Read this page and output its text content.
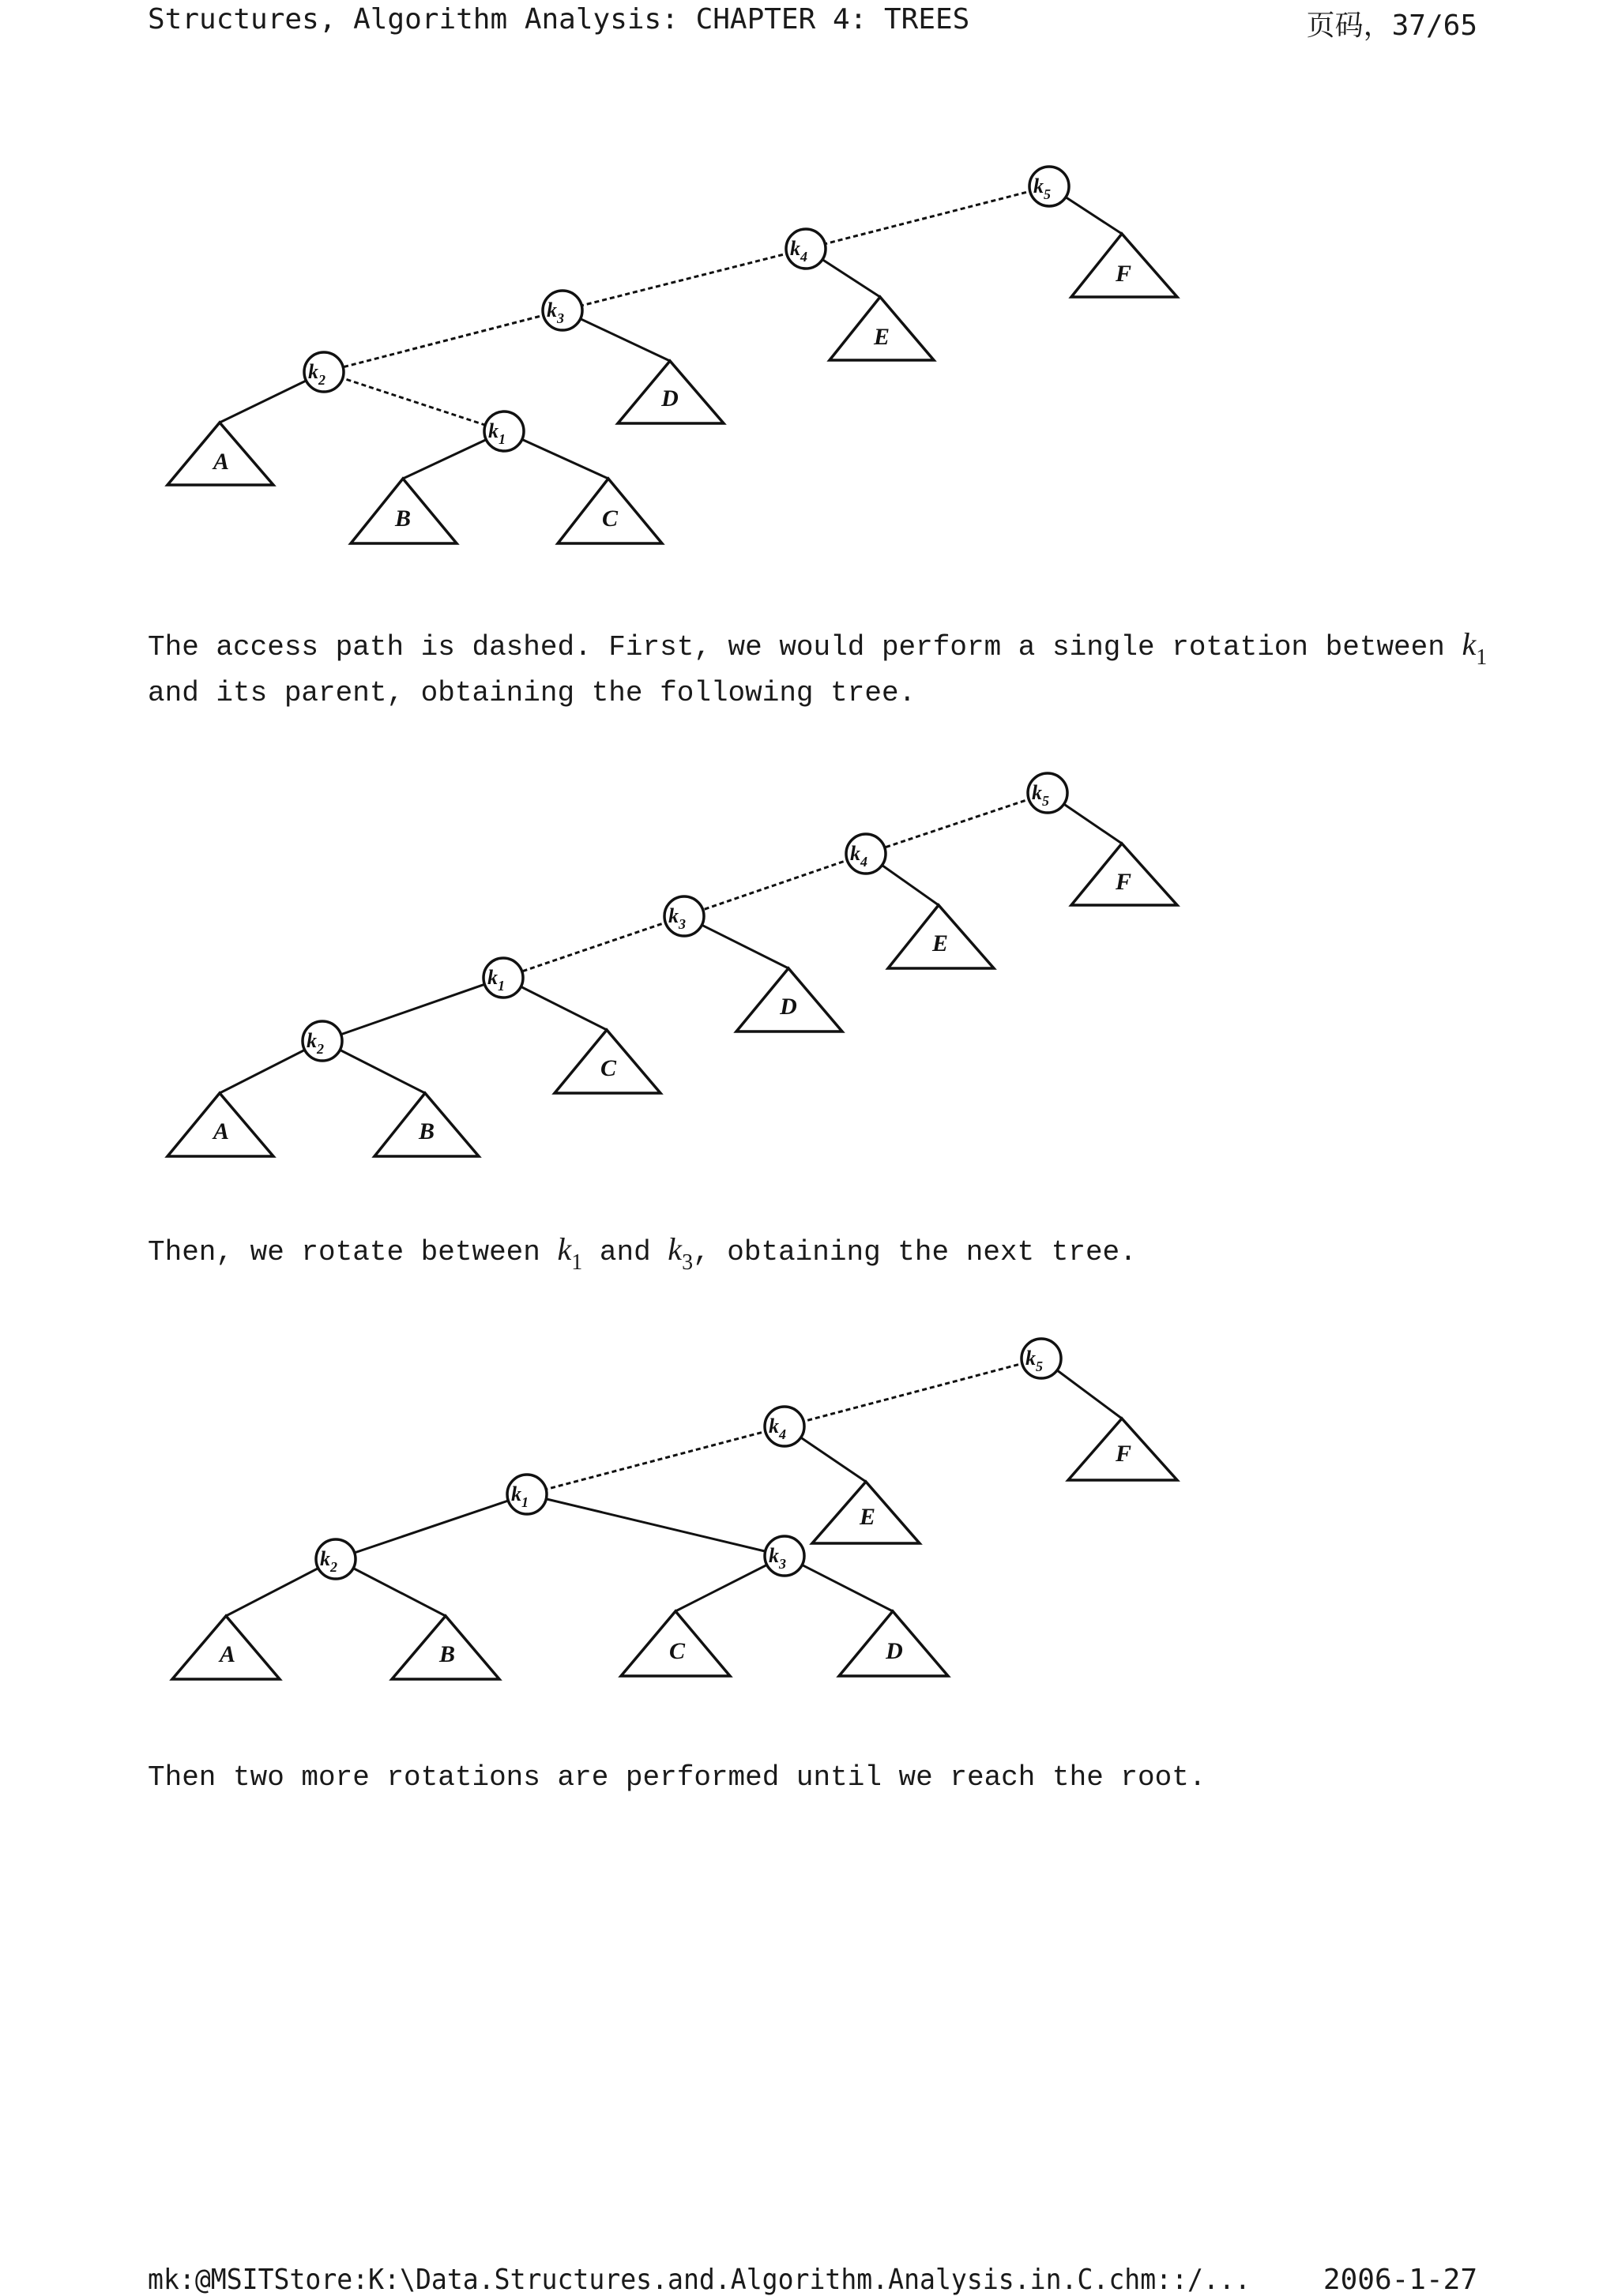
Structures, Algorithm Analysis: CHAPTER 4: TREES	页码，37/65
F
E
D
A
B	C
$k_5$
$k_4$
$k_3$
$k_2$
$k_1$
The access path is dashed. First, we would perform a single rotation between $k_1$
and its parent, obtaining the following tree.
F
E
D
C
A	B
$k_5$
$k_4$
$k_3$
$k_1$
$k_2$
Then, we rotate between $k_1$ and $k_3$, obtaining the next tree.
F
E
A	B	C	D
$k_5$
$k_4$
$k_1$
$k_2$	$k_3$
Then two more rotations are performed until we reach the root.
mk:@MSITStore:K:\Data.Structures.and.Algorithm.Analysis.in.C.chm::/...	2006-1-27
